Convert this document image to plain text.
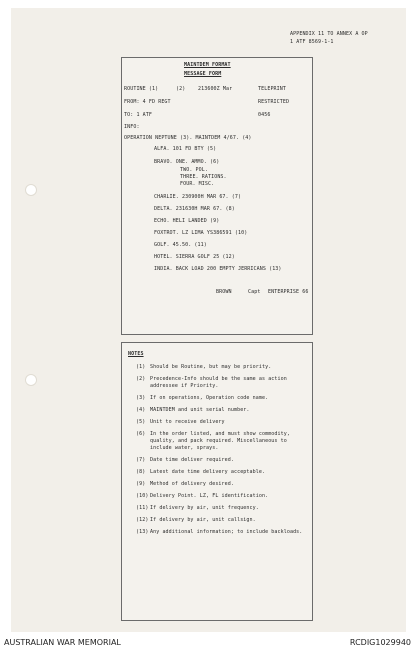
APPENDIX 11 TO ANNEX A OP
1 ATF 8569-1-1
MAINTDEM FORMAT
MESSAGE FORM
ROUTINE (1)	(2)	213600Z Mar	TELEPRINT
FROM: 4 FD REGT	RESTRICTED
TO: 1 ATF	0456
INFO:
OPERATION NEPTUNE (3). MAINTDEM 4/67. (4)
ALFA. 101 FD BTY (5)
BRAVO. ONE. AMMO. (6)
TWO. POL.
THREE. RATIONS.
FOUR. MISC.
CHARLIE. 230900H MAR 67. (7)
DELTA. 231630H MAR 67. (8)
ECHO. HELI LANDED (9)
FOXTROT. LZ LIMA YS386591 (10)
GOLF. 45.50. (11)
HOTEL. SIERRA GOLF 25 (12)
INDIA. BACK LOAD 200 EMPTY JERRICANS (13)
BROWN	Capt ENTERPRISE 66
NOTES
(1) Should be Routine, but may be priority.
(2) Precedence-Info should be the same as action addressee if Priority.
(3) If on operations, Operation code name.
(4) MAINTDEM and unit serial number.
(5) Unit to receive delivery
(6) In the order listed, and must show commodity, quality, and pack required. Miscellaneous to include water, sprays.
(7) Date time deliver required.
(8) Latest date time delivery acceptable.
(9) Method of delivery desired.
(10) Delivery Point. LZ, FL identification.
(11) If delivery by air, unit frequency.
(12) If delivery by air, unit callsign.
(13) Any additional information; to include backloads.
AUSTRALIAN WAR MEMORIAL	RCDIG1029940
